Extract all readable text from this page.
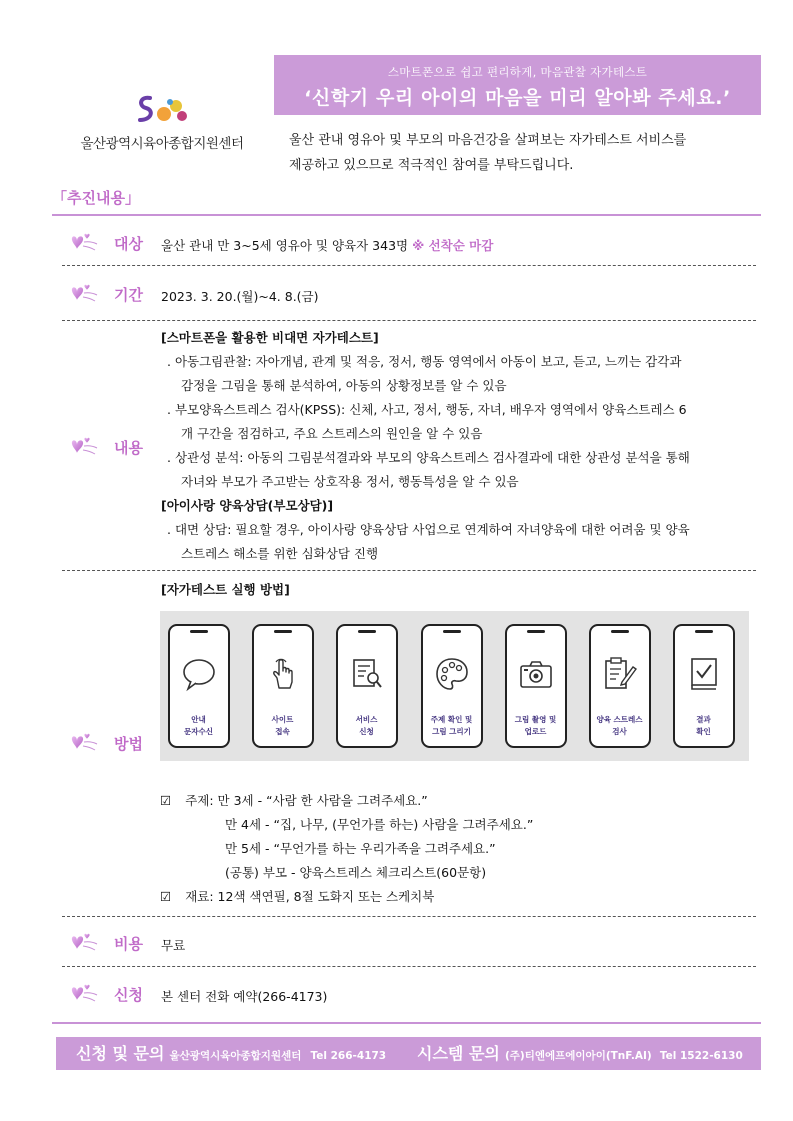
울산광역시육아종합지원센터
스마트폰으로 쉽고 편리하게, 마음관찰 자가테스트
‘신학기 우리 아이의 마음을 미리 알아봐 주세요.’
울산 관내 영유아 및 부모의 마음건강을 살펴보는 자가테스트 서비스를
제공하고 있으므로 적극적인 참여를 부탁드립니다.
「추진내용」
대상 울산 관내 만 3~5세 영유아 및 양육자 343명 ※ 선착순 마감
기간 2023. 3. 20.(월)~4. 8.(금)
내용
[스마트폰을 활용한 비대면 자가테스트]
. 아동그림관찰: 자아개념, 관계 및 적응, 정서, 행동 영역에서 아동이 보고, 듣고, 느끼는 감각과
감정을 그림을 통해 분석하여, 아동의 상황정보를 알 수 있음
. 부모양육스트레스 검사(KPSS): 신체, 사고, 정서, 행동, 자녀, 배우자 영역에서 양육스트레스 6
개 구간을 점검하고, 주요 스트레스의 원인을 알 수 있음
. 상관성 분석: 아동의 그림분석결과와 부모의 양육스트레스 검사결과에 대한 상관성 분석을 통해
자녀와 부모가 주고받는 상호작용 정서, 행동특성을 알 수 있음
[아이사랑 양육상담(부모상담)]
. 대면 상담: 필요할 경우, 아이사랑 양육상담 사업으로 연계하여 자녀양육에 대한 어려움 및 양육
스트레스 해소를 위한 심화상담 진행
[자가테스트 실행 방법]
안내
문자수신
사이트
접속
서비스
신청
주제 확인 및
그림 그리기
그림 촬영 및
업로드
양육 스트레스
검사
결과
확인
방법
☑ 주제: 만 3세 - “사람 한 사람을 그려주세요.”
만 4세 - “집, 나무, (무언가를 하는) 사람을 그려주세요.”
만 5세 - “무언가를 하는 우리가족을 그려주세요.”
(공통) 부모 - 양육스트레스 체크리스트(60문항)
☑ 재료: 12색 색연필, 8절 도화지 또는 스케치북
비용 무료
신청 본 센터 전화 예약(266-4173)
신청 및 문의 울산광역시육아종합지원센터 Tel 266-4173 시스템 문의 (주)티엔에프에이아이(TnF.AI) Tel 1522-6130
